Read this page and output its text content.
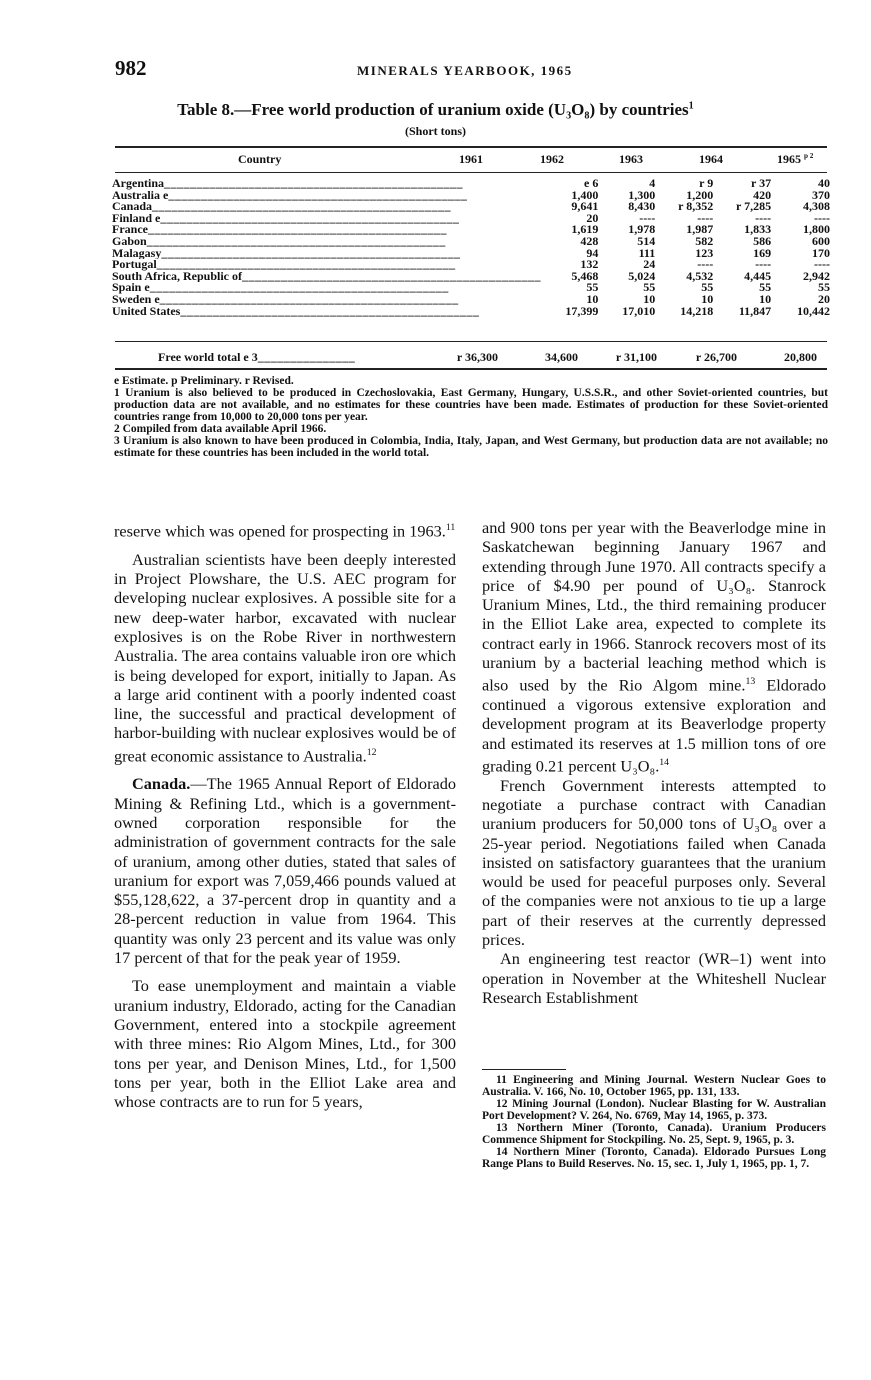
982	MINERALS YEARBOOK, 1965
Table 8.—Free world production of uranium oxide (U₃O₈) by countries$^1$
(Short tons)
Country	1961	1962	1963	1964	1965 $^{p 2}$
Argentina______________________________________________	e 6	4	r 9	r 37	40
Australia e______________________________________________	1,400	1,300	1,200	420	370
Canada______________________________________________	9,641	8,430	r 8,352	r 7,285	4,308
Finland e______________________________________________	20	----	----	----	----
France______________________________________________	1,619	1,978	1,987	1,833	1,800
Gabon______________________________________________	428	514	582	586	600
Malagasy______________________________________________	94	111	123	169	170
Portugal______________________________________________	132	24	----	----	----
South Africa, Republic of______________________________________________	5,468	5,024	4,532	4,445	2,942
Spain e______________________________________________	55	55	55	55	55
Sweden e______________________________________________	10	10	10	10	20
United States______________________________________________	17,399	17,010	14,218	11,847	10,442
Free world total e 3_______________	r 36,300	34,600	r 31,100	r 26,700	20,800

e Estimate. p Preliminary. r Revised.

1 Uranium is also believed to be produced in Czechoslovakia, East Germany, Hungary, U.S.S.R., and other Soviet-oriented countries, but production data are not available, and no estimates for these countries have been made. Estimates of production for these Soviet-oriented countries range from 10,000 to 20,000 tons per year.

2 Compiled from data available April 1966.

3 Uranium is also known to have been produced in Colombia, India, Italy, Japan, and West Germany, but production data are not available; no estimate for these countries has been included in the world total.

reserve which was opened for prospecting in 1963.11

Australian scientists have been deeply interested in Project Plowshare, the U.S. AEC program for developing nuclear explosives. A possible site for a new deep-water harbor, excavated with nuclear explosives is on the Robe River in northwestern Australia. The area contains valuable iron ore which is being developed for export, initially to Japan. As a large arid continent with a poorly indented coast line, the successful and practical development of harbor-building with nuclear explosives would be of great economic assistance to Australia.$^{12}$

Canada.—The 1965 Annual Report of Eldorado Mining & Refining Ltd., which is a government-owned corporation responsible for the administration of government contracts for the sale of uranium, among other duties, stated that sales of uranium for export was 7,059,466 pounds valued at $55,128,622, a 37-percent drop in quantity and a 28-percent reduction in value from 1964. This quantity was only 23 percent and its value was only 17 percent of that for the peak year of 1959.

To ease unemployment and maintain a viable uranium industry, Eldorado, acting for the Canadian Government, entered into a stockpile agreement with three mines: Rio Algom Mines, Ltd., for 300 tons per year, and Denison Mines, Ltd., for 1,500 tons per year, both in the Elliot Lake area and whose contracts are to run for 5 years,

and 900 tons per year with the Beaverlodge mine in Saskatchewan beginning January 1967 and extending through June 1970. All contracts specify a price of $4.90 per pound of U₃O₈. Stanrock Uranium Mines, Ltd., the third remaining producer in the Elliot Lake area, expected to complete its contract early in 1966. Stanrock recovers most of its uranium by a bacterial leaching method which is also used by the Rio Algom mine.$^{13}$ Eldorado continued a vigorous extensive exploration and development program at its Beaverlodge property and estimated its reserves at 1.5 million tons of ore grading 0.21 percent U₃O₈.$^{14}$

French Government interests attempted to negotiate a purchase contract with Canadian uranium producers for 50,000 tons of U₃O₈ over a 25-year period. Negotiations failed when Canada insisted on satisfactory guarantees that the uranium would be used for peaceful purposes only. Several of the companies were not anxious to tie up a large part of their reserves at the currently depressed prices.

An engineering test reactor (WR–1) went into operation in November at the Whiteshell Nuclear Research Establishment

11 Engineering and Mining Journal. Western Nuclear Goes to Australia. V. 166, No. 10, October 1965, pp. 131, 133.

12 Mining Journal (London). Nuclear Blasting for W. Australian Port Development? V. 264, No. 6769, May 14, 1965, p. 373.

13 Northern Miner (Toronto, Canada). Uranium Producers Commence Shipment for Stockpiling. No. 25, Sept. 9, 1965, p. 3.

14 Northern Miner (Toronto, Canada). Eldorado Pursues Long Range Plans to Build Reserves. No. 15, sec. 1, July 1, 1965, pp. 1, 7.
